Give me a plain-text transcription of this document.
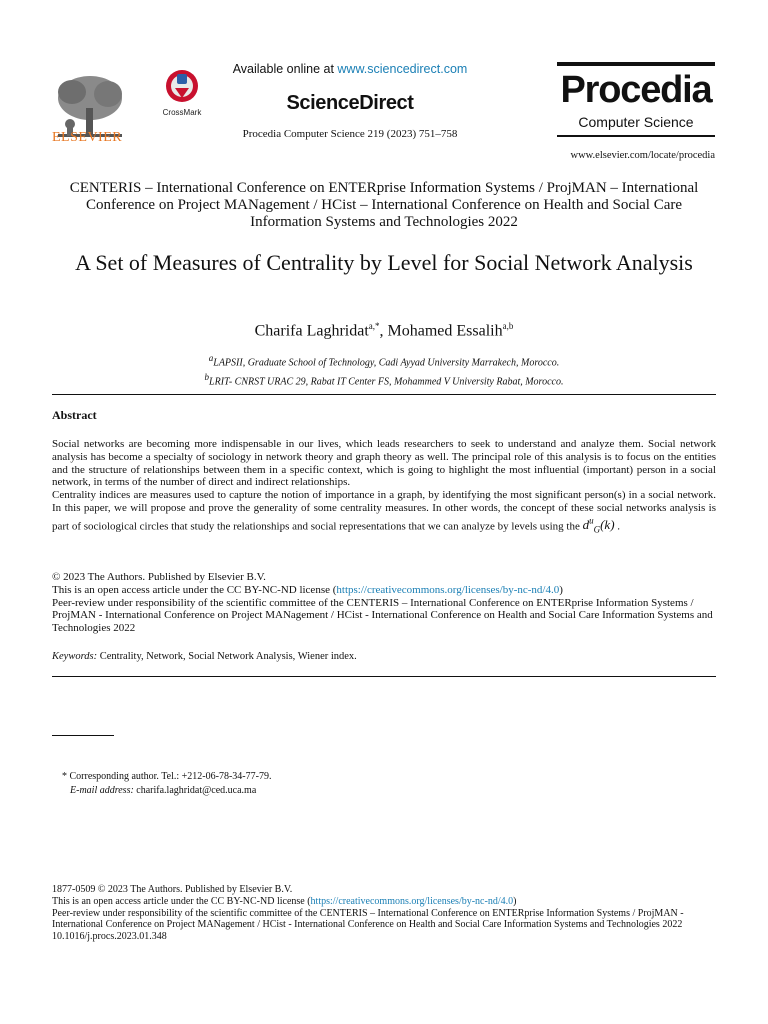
ELSEVIER
CrossMark
Available online at www.sciencedirect.com
ScienceDirect
Procedia Computer Science 219 (2023) 751–758
Procedia
Computer Science
www.elsevier.com/locate/procedia
CENTERIS – International Conference on ENTERprise Information Systems / ProjMAN – International Conference on Project MANagement / HCist – International Conference on Health and Social Care Information Systems and Technologies 2022
A Set of Measures of Centrality by Level for Social Network Analysis
Charifa Laghridat$^{a,*}$, Mohamed Essalih$^{a,b}$
$^a$LAPSII, Graduate School of Technology, Cadi Ayyad University Marrakech, Morocco.
$^b$LRIT- CNRST URAC 29, Rabat IT Center FS, Mohammed V University Rabat, Morocco.
Abstract

Social networks are becoming more indispensable in our lives, which leads researchers to seek to understand and analyze them. Social network analysis has become a specialty of sociology in network theory and graph theory as well. The principal role of this analysis is to focus on the entities and the structure of relationships between them in a specific context, which is going to highlight the most influential (important) person in a social network, in terms of the number of direct and indirect relationships.

Centrality indices are measures used to capture the notion of importance in a graph, by identifying the most significant person(s) in a social network. In this paper, we will propose and prove the generality of some centrality measures. In other words, the concept of these social networks analysis is part of sociological circles that study the relationships and social representations that we can analyze by levels using the $d^u_G(k)$ .

© 2023 The Authors. Published by Elsevier B.V.

This is an open access article under the CC BY-NC-ND license (https://creativecommons.org/licenses/by-nc-nd/4.0)

Peer-review under responsibility of the scientific committee of the CENTERIS – International Conference on ENTERprise Information Systems / ProjMAN - International Conference on Project MANagement / HCist - International Conference on Health and Social Care Information Systems and Technologies 2022

Keywords: Centrality, Network, Social Network Analysis, Wiener index.
* Corresponding author. Tel.: +212-06-78-34-77-79.
E-mail address: charifa.laghridat@ced.uca.ma

1877-0509 © 2023 The Authors. Published by Elsevier B.V.

This is an open access article under the CC BY-NC-ND license (https://creativecommons.org/licenses/by-nc-nd/4.0)

Peer-review under responsibility of the scientific committee of the CENTERIS – International Conference on ENTERprise Information Systems / ProjMAN - International Conference on Project MANagement / HCist - International Conference on Health and Social Care Information Systems and Technologies 2022

10.1016/j.procs.2023.01.348
